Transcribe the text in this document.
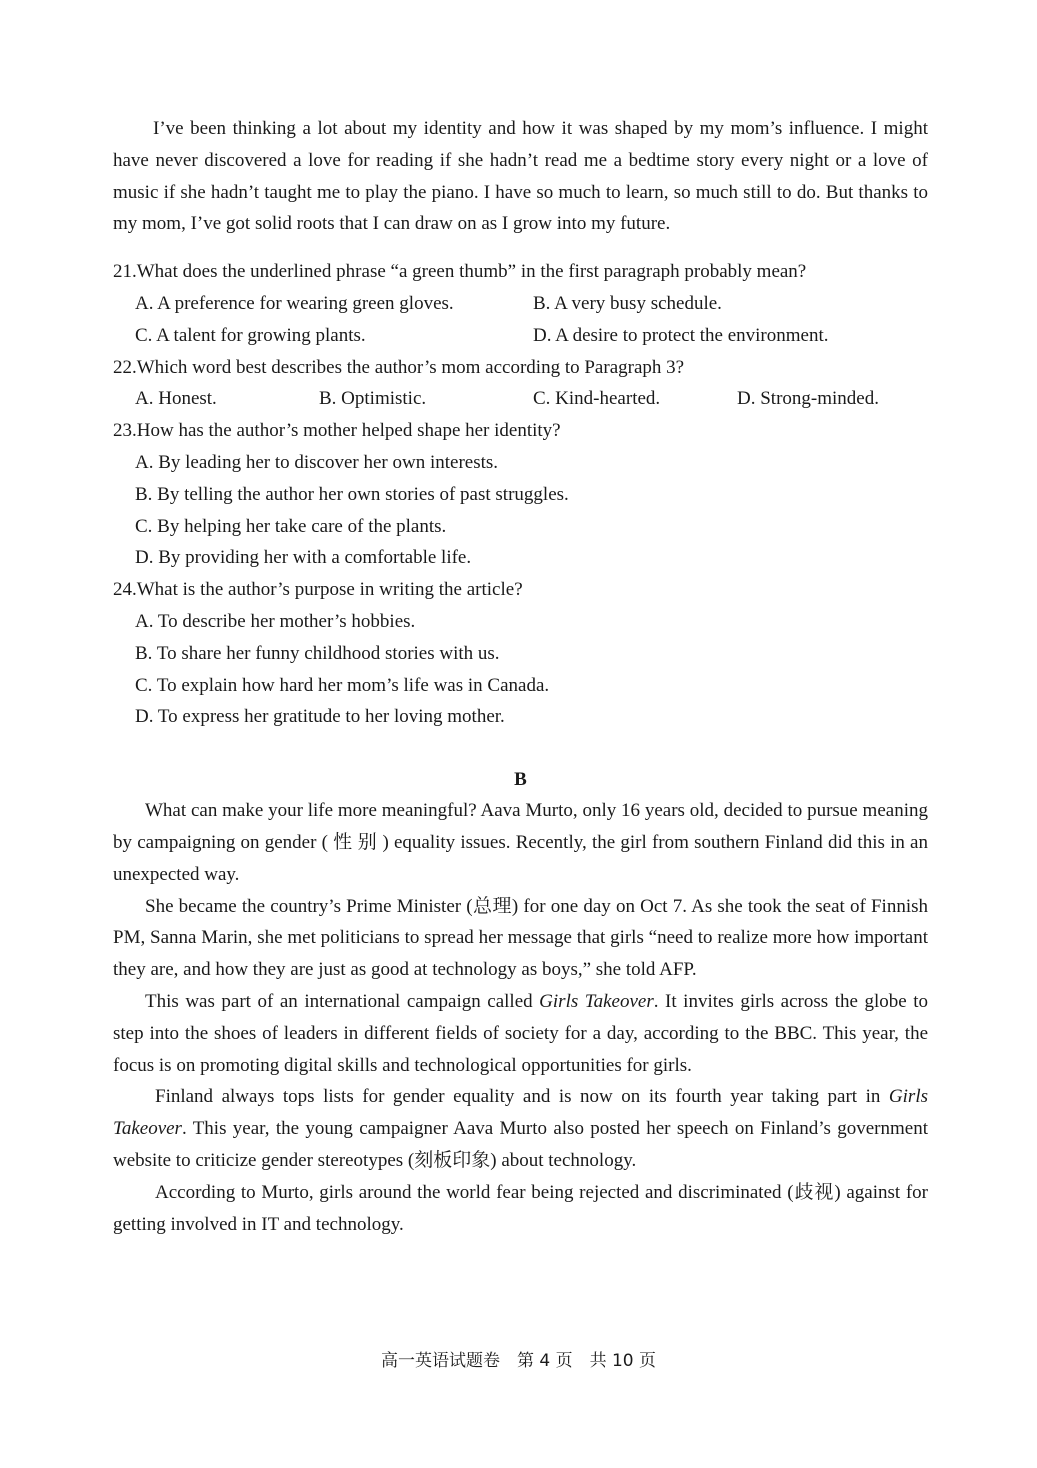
I’ve been thinking a lot about my identity and how it was shaped by my mom’s influence. I might have never discovered a love for reading if she hadn’t read me a bedtime story every night or a love of music if she hadn’t taught me to play the piano. I have so much to learn, so much still to do. But thanks to my mom, I’ve got solid roots that I can draw on as I grow into my future.

21.What does the underlined phrase “a green thumb” in the first paragraph probably mean?
A. A preference for wearing green gloves.	B. A very busy schedule.
C. A talent for growing plants.	D. A desire to protect the environment.
22.Which word best describes the author’s mom according to Paragraph 3?
A. Honest.	B. Optimistic.	C. Kind-hearted.	D. Strong-minded.
23.How has the author’s mother helped shape her identity?
A. By leading her to discover her own interests.
B. By telling the author her own stories of past struggles.
C. By helping her take care of the plants.
D. By providing her with a comfortable life.
24.What is the author’s purpose in writing the article?
A. To describe her mother’s hobbies.
B. To share her funny childhood stories with us.
C. To explain how hard her mom’s life was in Canada.
D. To express her gratitude to her loving mother.
B

What can make your life more meaningful? Aava Murto, only 16 years old, decided to pursue meaning by campaigning on gender ( 性 别 ) equality issues. Recently, the girl from southern Finland did this in an unexpected way.

She became the country’s Prime Minister (总理) for one day on Oct 7. As she took the seat of Finnish PM, Sanna Marin, she met politicians to spread her message that girls “need to realize more how important they are, and how they are just as good at technology as boys,” she told AFP.

This was part of an international campaign called Girls Takeover. It invites girls across the globe to step into the shoes of leaders in different fields of society for a day, according to the BBC. This year, the focus is on promoting digital skills and technological opportunities for girls.

Finland always tops lists for gender equality and is now on its fourth year taking part in Girls Takeover. This year, the young campaigner Aava Murto also posted her speech on Finland’s government website to criticize gender stereotypes (刻板印象) about technology.

According to Murto, girls around the world fear being rejected and discriminated (歧视) against for getting involved in IT and technology.

高一英语试题卷　第 4 页　共 10 页
